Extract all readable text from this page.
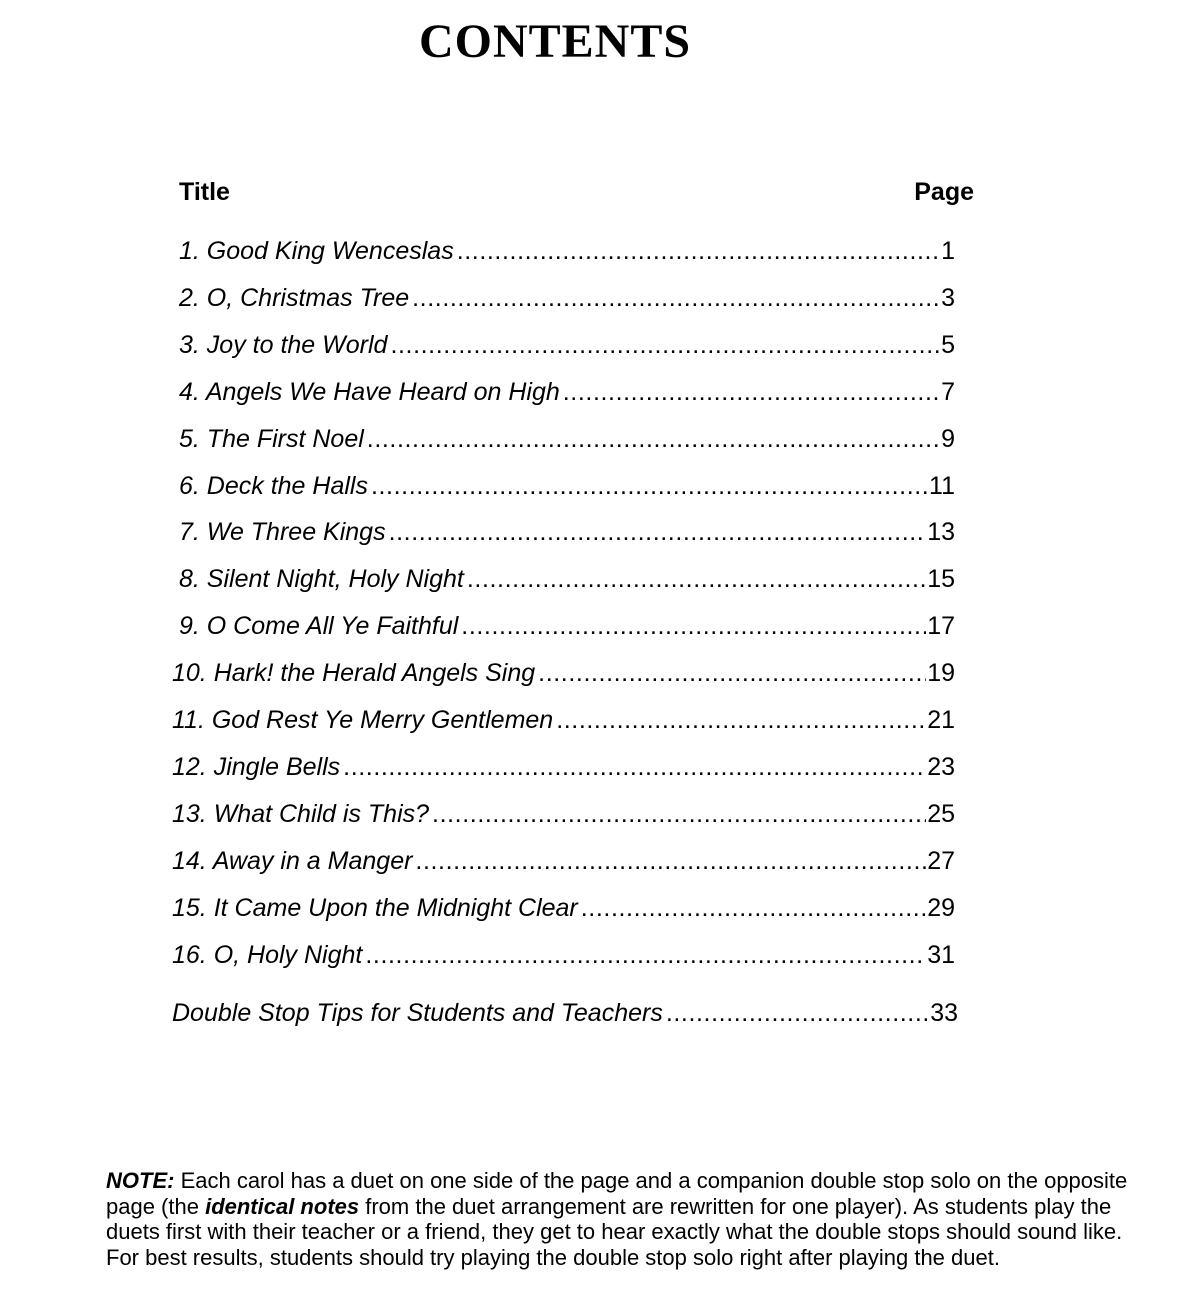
CONTENTS
Title	Page
1. Good King Wenceslas .....	1
2. O, Christmas Tree .....	3
3. Joy to the World .....	5
4. Angels We Have Heard on High .....	7
5. The First Noel .....	9
6. Deck the Halls .....	11
7. We Three Kings .....	13
8. Silent Night, Holy Night .....	15
9. O Come All Ye Faithful .....	17
10. Hark! the Herald Angels Sing .....	19
11. God Rest Ye Merry Gentlemen .....	21
12. Jingle Bells .....	23
13. What Child is This? .....	25
14. Away in a Manger .....	27
15. It Came Upon the Midnight Clear .....	29
16. O, Holy Night .....	31
Double Stop Tips for Students and Teachers .....	33

NOTE: Each carol has a duet on one side of the page and a companion double stop solo on the opposite page (the identical notes from the duet arrangement are rewritten for one player). As students play the duets first with their teacher or a friend, they get to hear exactly what the double stops should sound like. For best results, students should try playing the double stop solo right after playing the duet.
